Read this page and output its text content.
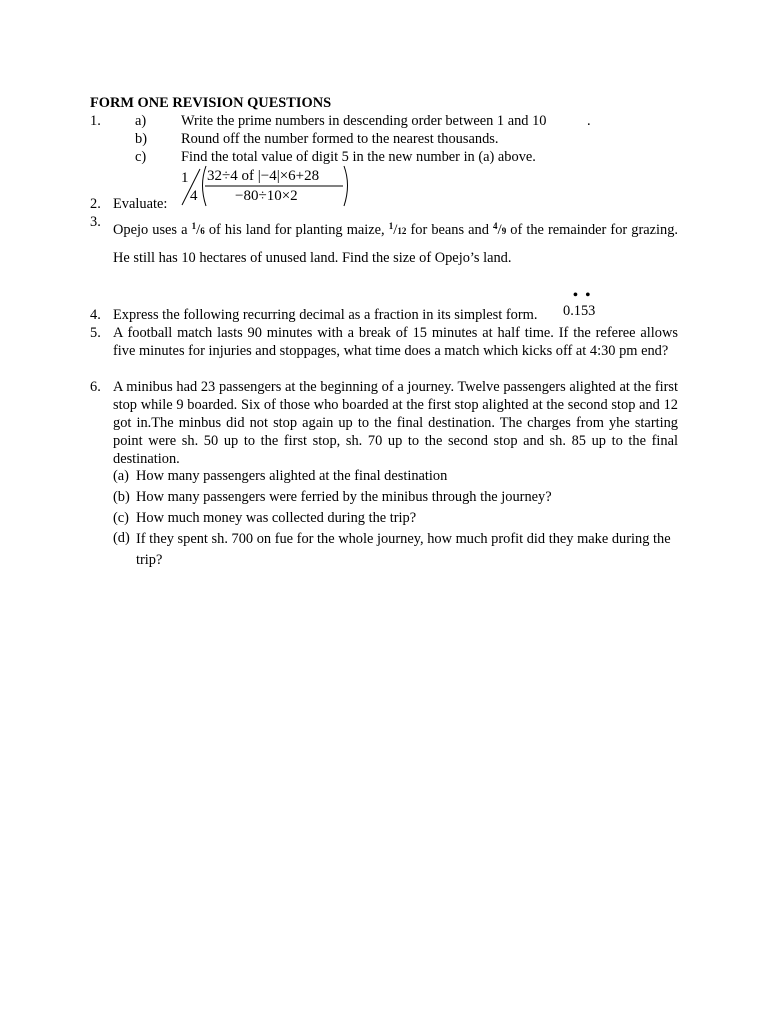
FORM ONE REVISION QUESTIONS
1. a) Write the prime numbers in descending order between 1 and 10	.
b) Round off the number formed to the nearest thousands.
c) Find the total value of digit 5 in the new number in (a) above.
2. Evaluate:
1
4
32÷4 of |−4|×6+28
−80÷10×2
3. Opejo uses a $^1$/6 of his land for planting maize, $^1$/12 for beans and $^4$/9 of the remainder for grazing. He still has 10 hectares of unused land. Find the size of Opejo’s land.
4. Express the following recurring decimal as a fraction in its simplest form.
• •
0.153
5. A football match lasts 90 minutes with a break of 15 minutes at half time. If the referee allows five minutes for injuries and stoppages, what time does a match which kicks off at 4:30 pm end?
6. A minibus had 23 passengers at the beginning of a journey. Twelve passengers alighted at the first stop while 9 boarded. Six of those who boarded at the first stop alighted at the second stop and 12 got in.The minbus did not stop again up to the final destination. The charges from yhe starting point were sh. 50 up to the first stop, sh. 70 up to the second stop and sh. 85 up to the final destination.
(a) How many passengers alighted at the final destination
(b) How many passengers were ferried by the minibus through the journey?
(c) How much money was collected during the trip?
(d) If they spent sh. 700 on fue for the whole journey, how much profit did they make during the trip?
